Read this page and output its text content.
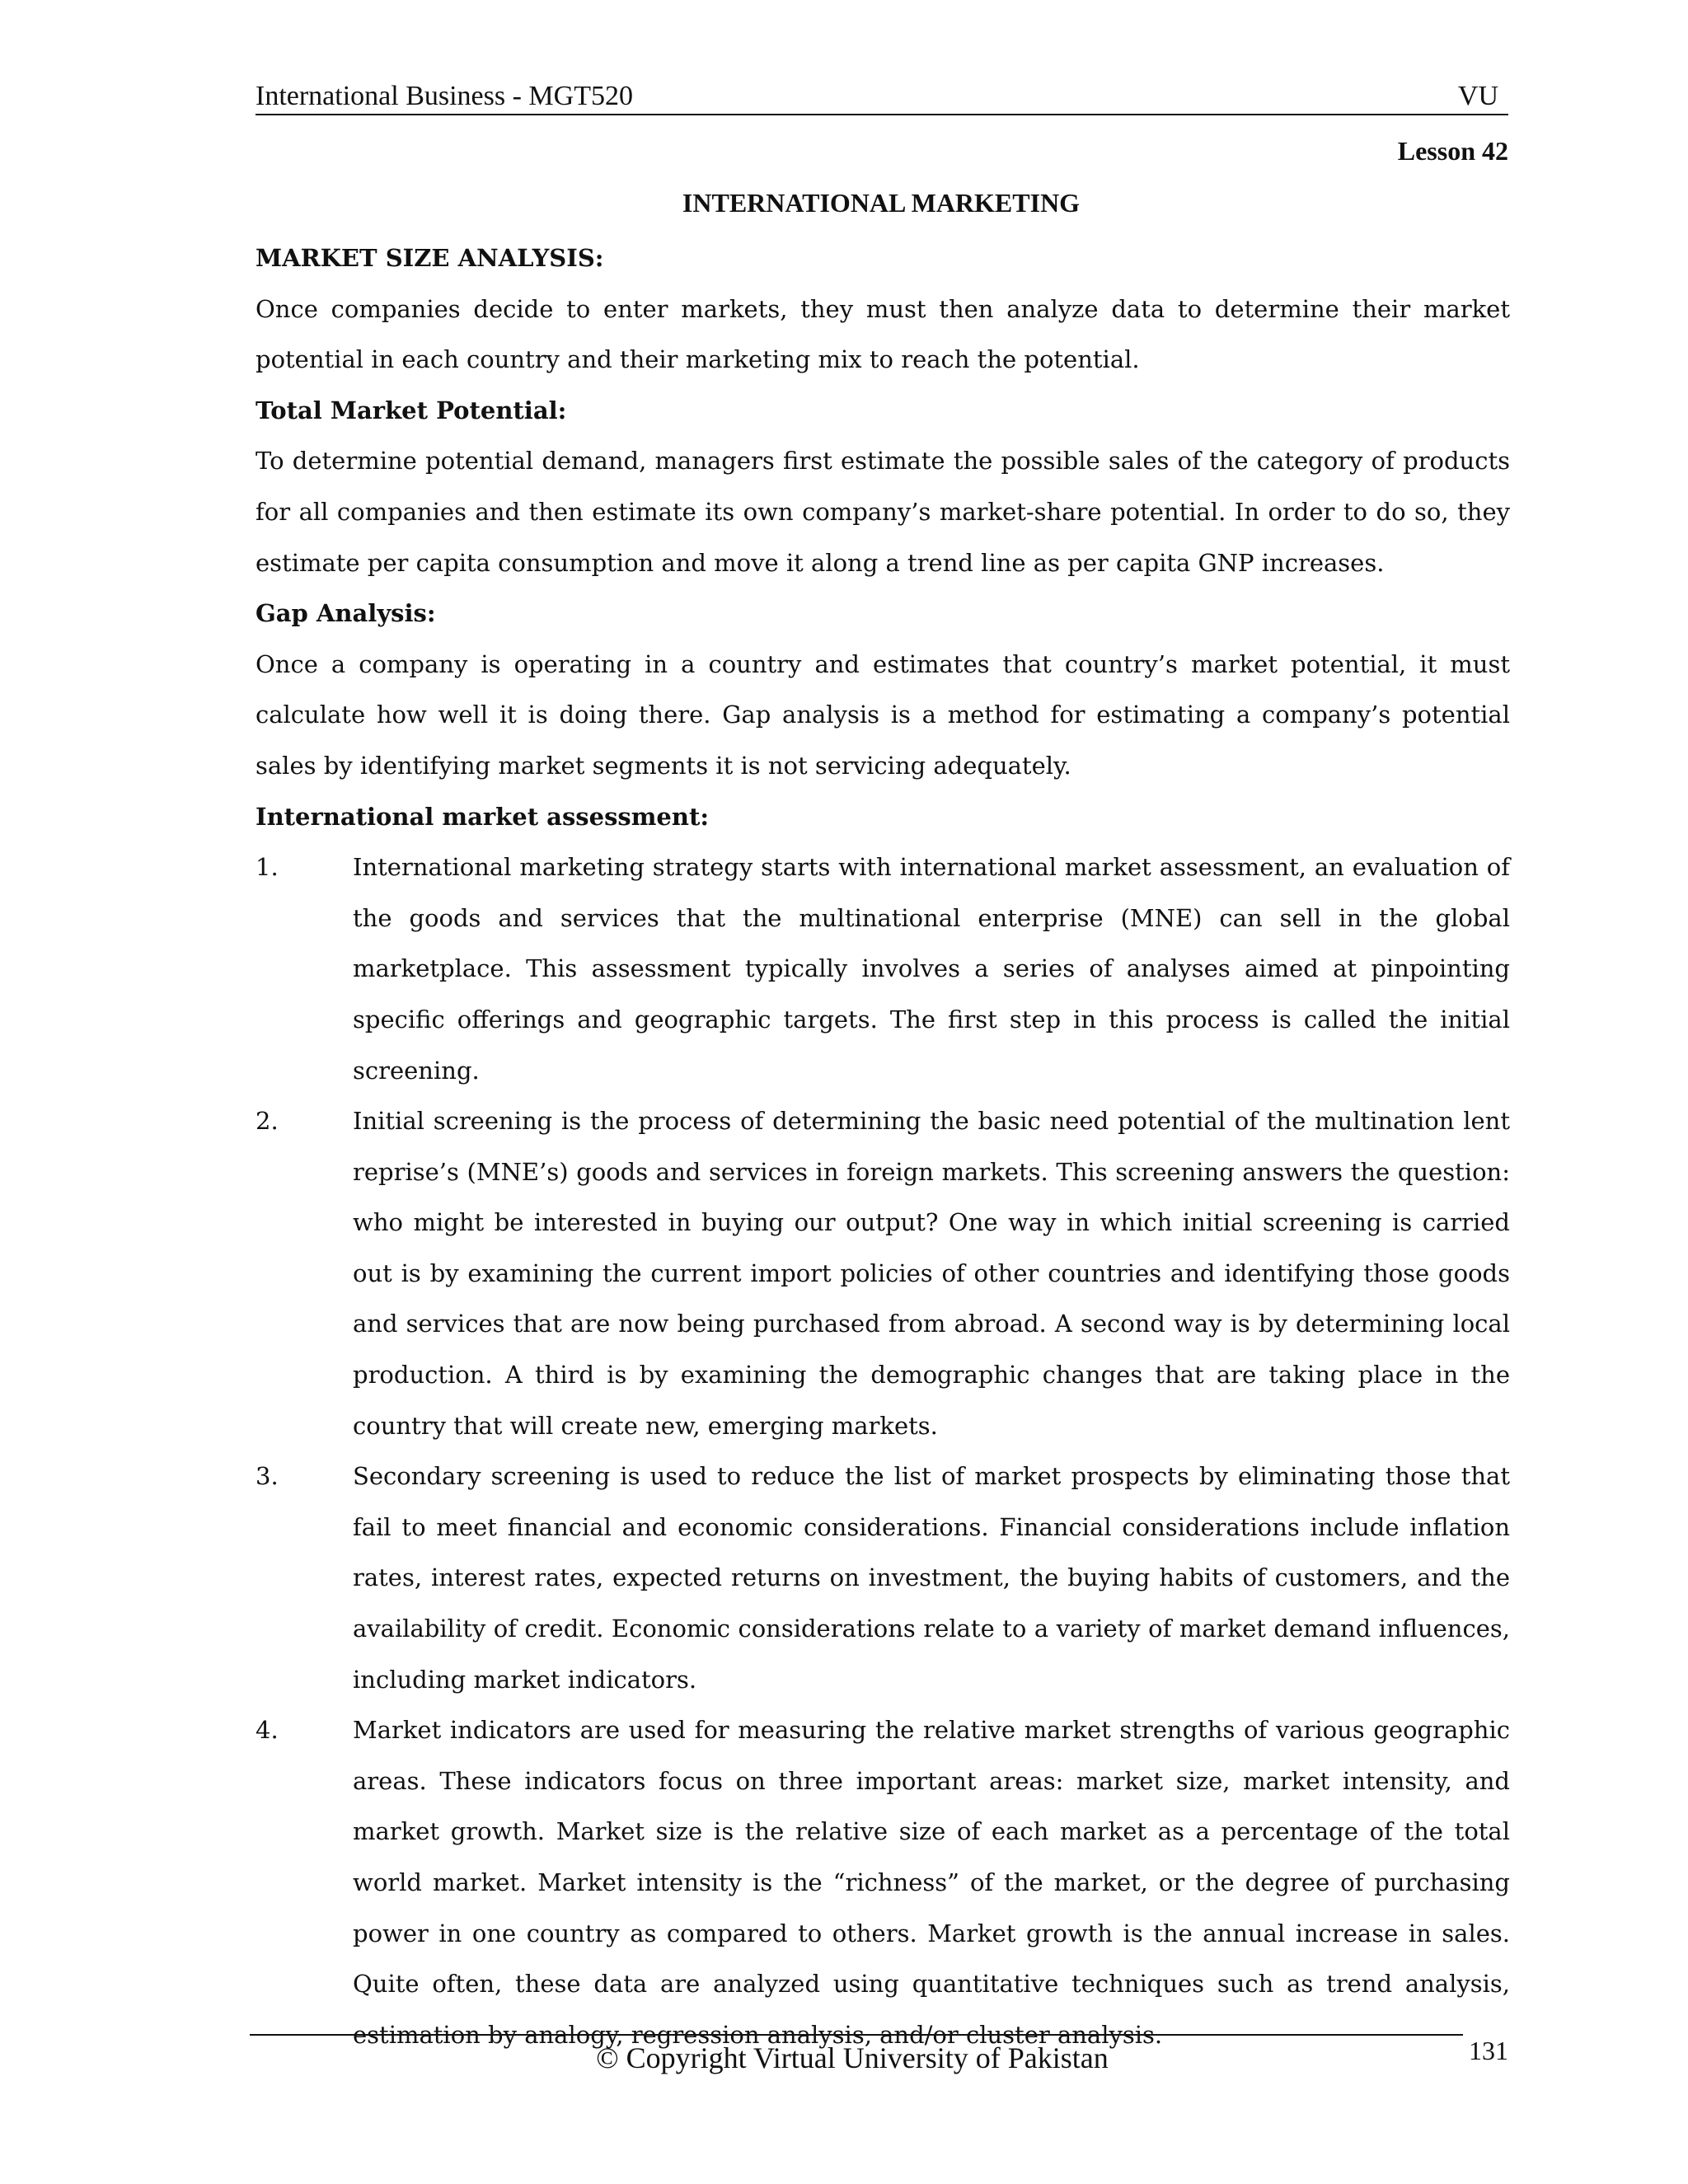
International Business - MGT520	VU
Lesson 42
INTERNATIONAL MARKETING

MARKET SIZE ANALYSIS:

Once companies decide to enter markets, they must then analyze data to determine their market potential in each country and their marketing mix to reach the potential.

Total Market Potential:

To determine potential demand, managers first estimate the possible sales of the category of products for all companies and then estimate its own company’s market-share potential. In order to do so, they estimate per capita consumption and move it along a trend line as per capita GNP increases.

Gap Analysis:

Once a company is operating in a country and estimates that country’s market potential, it must calculate how well it is doing there. Gap analysis is a method for estimating a company’s potential sales by identifying market segments it is not servicing adequately.

International market assessment:

1.	International marketing strategy starts with international market assessment, an evaluation of the goods and services that the multinational enterprise (MNE) can sell in the global marketplace. This assessment typically involves a series of analyses aimed at pinpointing specific offerings and geographic targets. The first step in this process is called the initial screening.
2.	Initial screening is the process of determining the basic need potential of the multination lent reprise’s (MNE’s) goods and services in foreign markets. This screening answers the question: who might be interested in buying our output? One way in which initial screening is carried out is by examining the current import policies of other countries and identifying those goods and services that are now being purchased from abroad. A second way is by determining local production. A third is by examining the demographic changes that are taking place in the country that will create new, emerging markets.
3.	Secondary screening is used to reduce the list of market prospects by eliminating those that fail to meet financial and economic considerations. Financial considerations include inflation rates, interest rates, expected returns on investment, the buying habits of customers, and the availability of credit. Economic considerations relate to a variety of market demand influences, including market indicators.
4.	Market indicators are used for measuring the relative market strengths of various geographic areas. These indicators focus on three important areas: market size, market intensity, and market growth. Market size is the relative size of each market as a percentage of the total world market. Market intensity is the “richness” of the market, or the degree of purchasing power in one country as compared to others. Market growth is the annual increase in sales. Quite often, these data are analyzed using quantitative techniques such as trend analysis, estimation by analogy, regression analysis, and/or cluster analysis.
© Copyright Virtual University of Pakistan	131
